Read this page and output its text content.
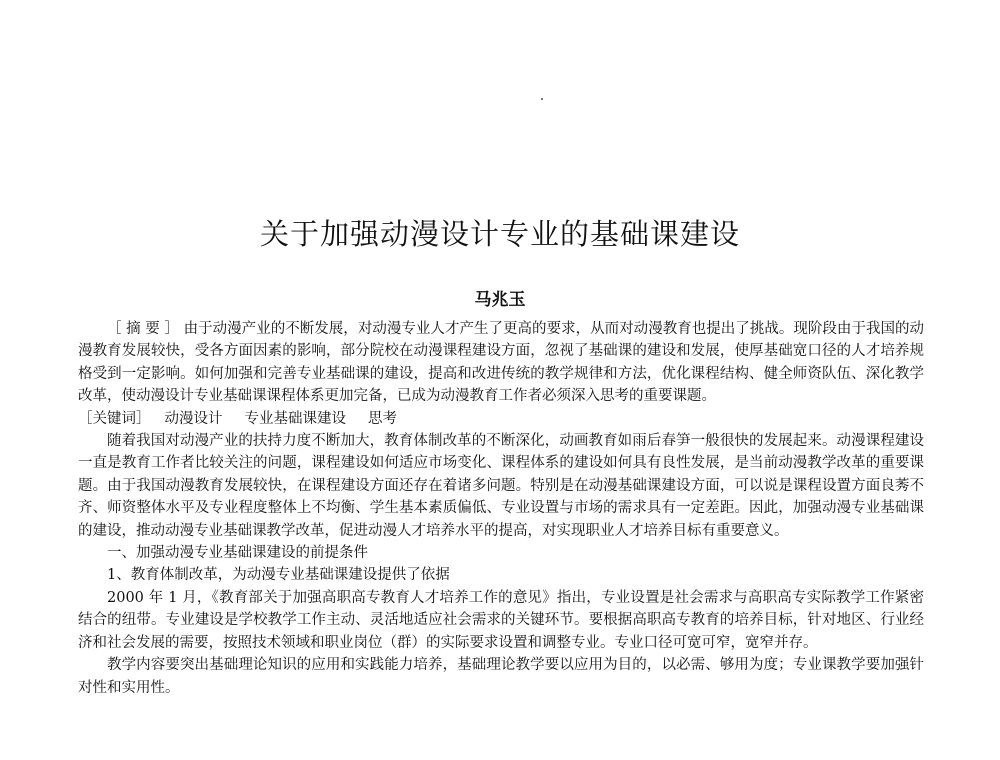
关于加强动漫设计专业的基础课建设
马兆玉

［ 摘 要 ］ 由于动漫产业的不断发展，对动漫专业人才产生了更高的要求，从而对动漫教育也提出了挑战。现阶段由于我国的动漫教育发展较快，受各方面因素的影响，部分院校在动漫课程建设方面，忽视了基础课的建设和发展，使厚基础宽口径的人才培养规格受到一定影响。如何加强和完善专业基础课的建设，提高和改进传统的教学规律和方法，优化课程结构、健全师资队伍、深化教学改革，使动漫设计专业基础课课程体系更加完备，已成为动漫教育工作者必须深入思考的重要课题。

［关键词］ 动漫设计 专业基础课建设 思考

随着我国对动漫产业的扶持力度不断加大，教育体制改革的不断深化，动画教育如雨后春笋一般很快的发展起来。动漫课程建设一直是教育工作者比较关注的问题，课程建设如何适应市场变化、课程体系的建设如何具有良性发展，是当前动漫教学改革的重要课题。由于我国动漫教育发展较快，在课程建设方面还存在着诸多问题。特别是在动漫基础课建设方面，可以说是课程设置方面良莠不齐、师资整体水平及专业程度整体上不均衡、学生基本素质偏低、专业设置与市场的需求具有一定差距。因此，加强动漫专业基础课的建设，推动动漫专业基础课教学改革，促进动漫人才培养水平的提高，对实现职业人才培养目标有重要意义。

一、加强动漫专业基础课建设的前提条件

1、教育体制改革，为动漫专业基础课建设提供了依据

2000 年 1 月，《教育部关于加强高职高专教育人才培养工作的意见》指出，专业设置是社会需求与高职高专实际教学工作紧密结合的纽带。专业建设是学校教学工作主动、灵活地适应社会需求的关键环节。要根据高职高专教育的培养目标，针对地区、行业经济和社会发展的需要，按照技术领域和职业岗位（群）的实际要求设置和调整专业。专业口径可宽可窄，宽窄并存。

教学内容要突出基础理论知识的应用和实践能力培养，基础理论教学要以应用为目的，以必需、够用为度；专业课教学要加强针对性和实用性。
